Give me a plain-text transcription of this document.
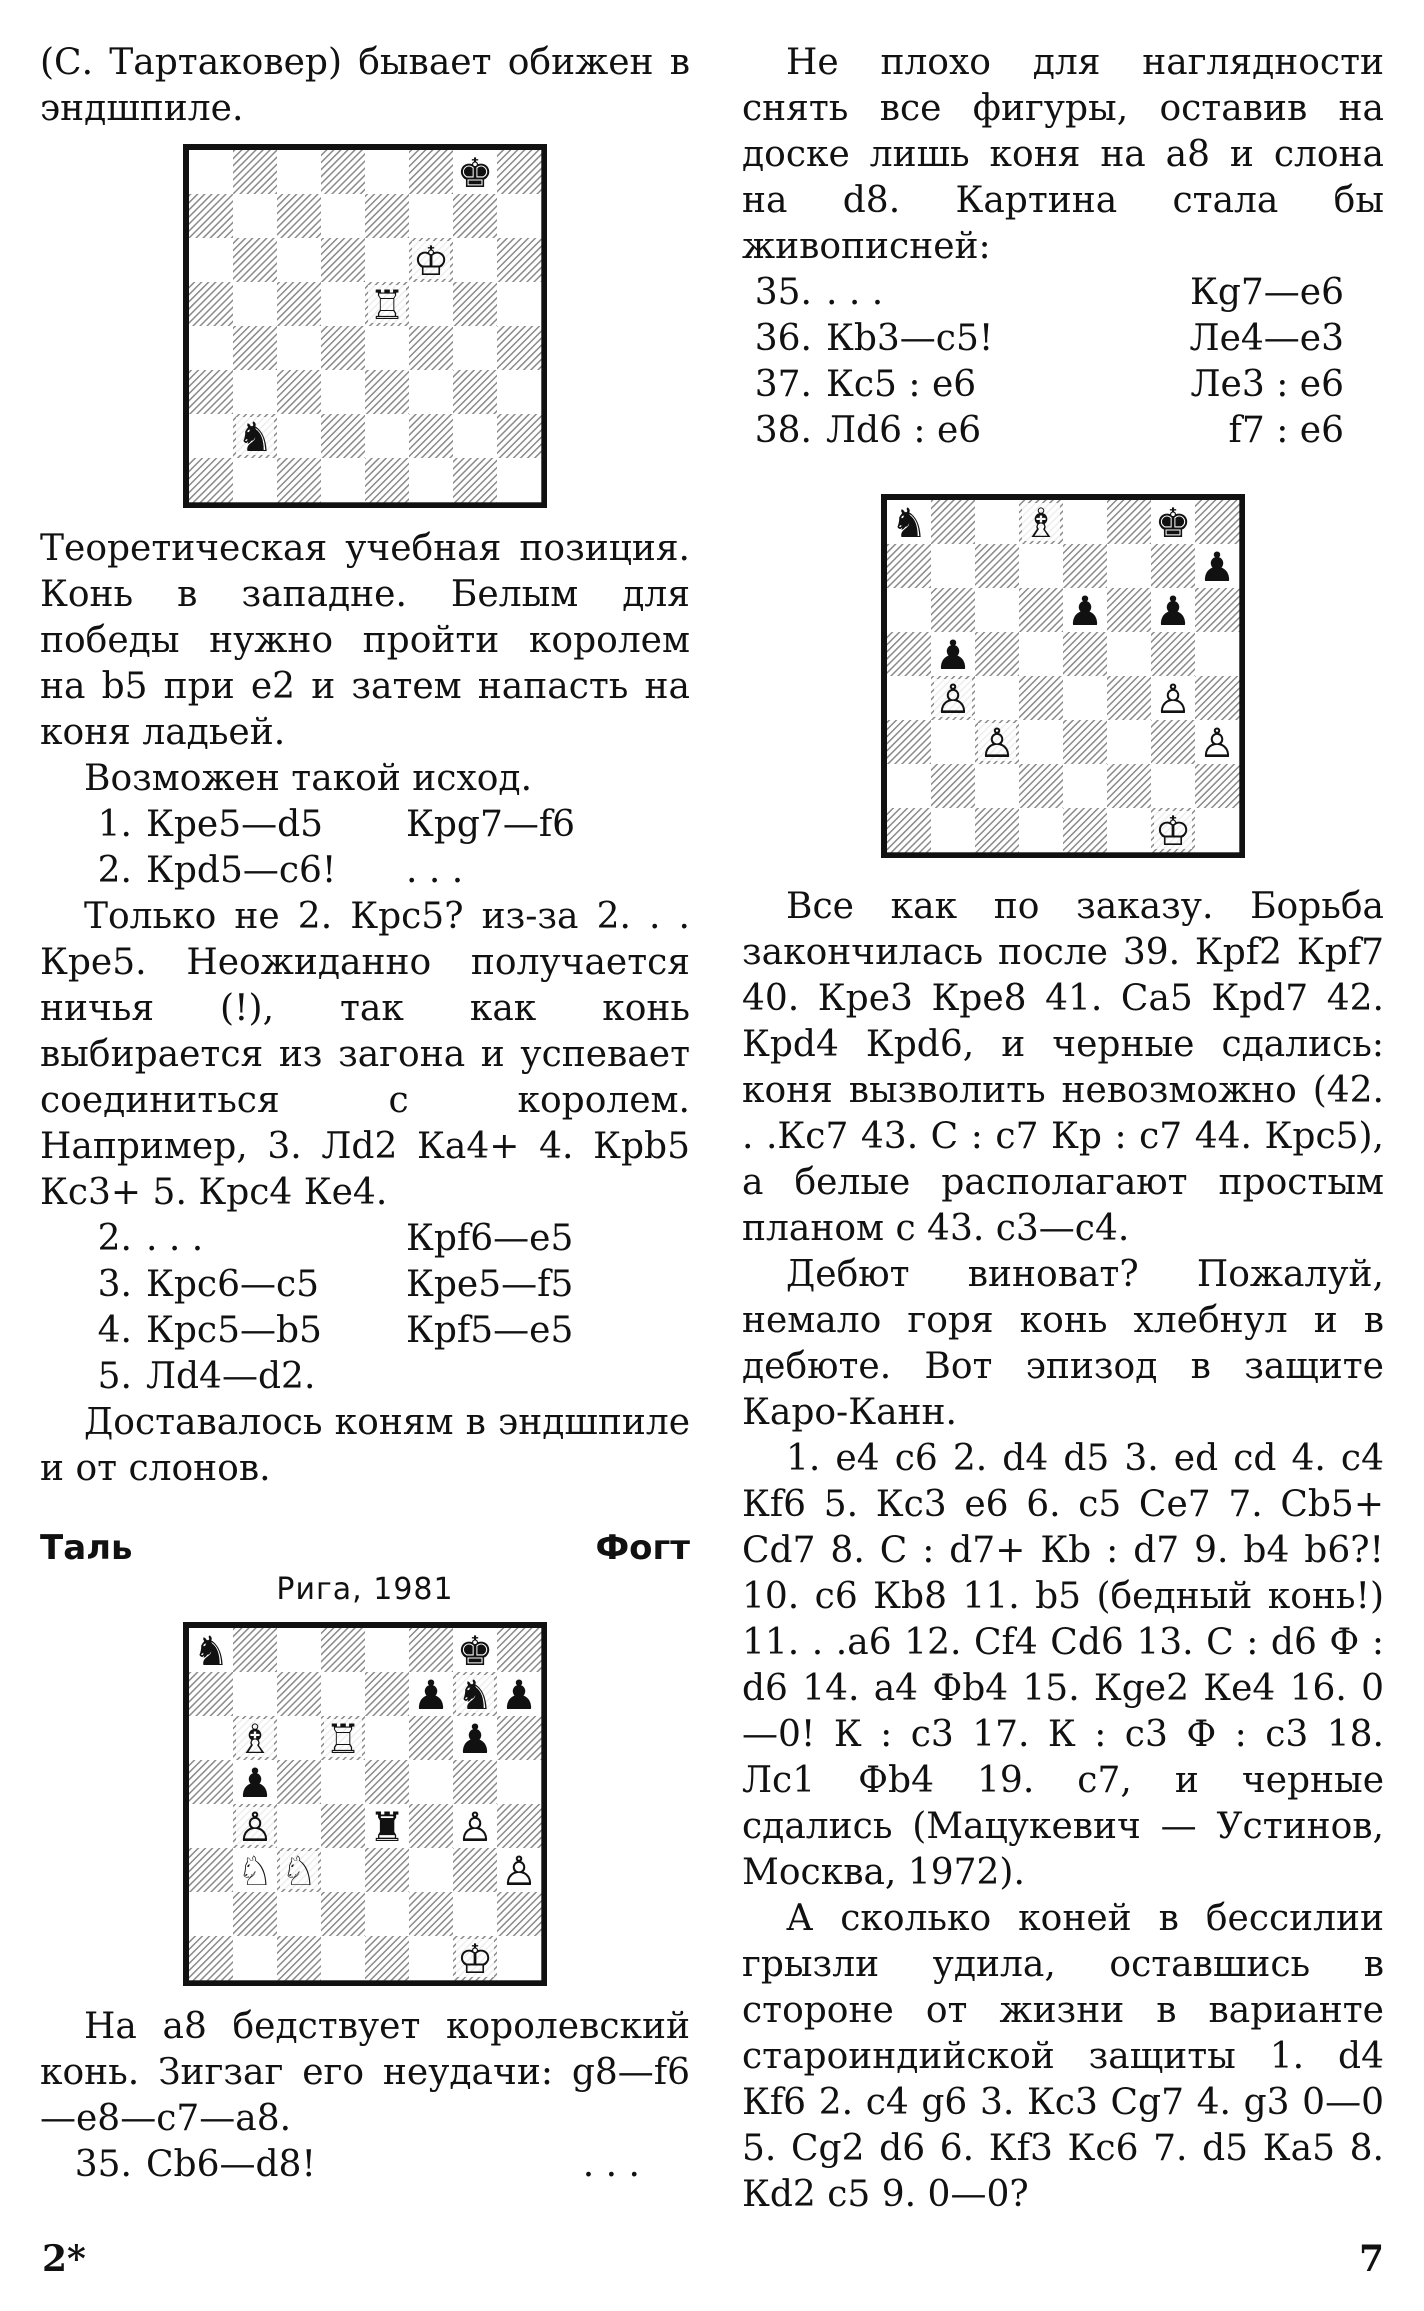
(С. Тартаковер) бывает обижен в эндшпиле.

♚
♔
♖
♞

Теоретическая учебная позиция. Конь в западне. Белым для победы нужно пройти королем на b5 при е2 и затем напасть на коня ладьей.

Возможен такой исход.

1.	Кре5—d5	Крg7—f6
2.	Крd5—c6!	. . .

Только не 2. Крс5? из-за 2. . . Кре5. Неожиданно получается ничья (!), так как конь выбирается из загона и успевает соединиться с королем. Например, 3. Лd2 Ка4+ 4. Крb5 Кс3+ 5. Крс4 Ке4.

2.	. . .	Крf6—e5
3.	Крс6—c5	Кре5—f5
4.	Крс5—b5	Крf5—e5
5.	Лd4—d2.	

Доставалось коням в эндшпиле и от слонов.

Таль	Фогт
Рига, 1981
♞	♚
♟ ♞ ♟
♗ ♖ ♟
♟
♙ ♜ ♙
♘ ♘	♙
♔

На а8 бедствует королевский конь. Зигзаг его неудачи: g8—f6—e8—c7—a8.

35.	Сb6—d8!	. . .

Не плохо для наглядности снять все фигуры, оставив на доске лишь коня на а8 и слона на d8. Картина стала бы живописней:

35.	. . .	Кg7—e6
36.	Кb3—c5!	Ле4—e3
37.	Кс5 : e6	Ле3 : e6
38.	Лd6 : e6	f7 : e6
♞ ♗ ♚
♟
♟ ♟
♟
♙	♙
♙	♙
♔

Все как по заказу. Борьба закончилась после 39. Крf2 Крf7 40. Кре3 Кре8 41. Са5 Крd7 42. Крd4 Крd6, и черные сдались: коня вызволить невозможно (42. . .Кс7 43. С : с7 Кр : с7 44. Крс5), а белые располагают простым планом с 43. с3—с4.

Дебют виноват? Пожалуй, немало горя конь хлебнул и в дебюте. Вот эпизод в защите Каро-Канн.

1. е4 с6 2. d4 d5 3. ed cd 4. c4 Кf6 5. Кс3 е6 6. c5 Се7 7. Сb5+ Сd7 8. С : d7+ Кb : d7 9. b4 b6?! 10. c6 Кb8 11. b5 (бедный конь!) 11. . .а6 12. Сf4 Сd6 13. С : d6 Ф : d6 14. а4 Фb4 15. Кge2 Ке4 16. 0—0! К : с3 17. К : с3 Ф : с3 18. Лс1 Фb4 19. с7, и черные сдались (Мацукевич — Устинов, Москва, 1972).

А сколько коней в бессилии грызли удила, оставшись в стороне от жизни в варианте староиндийской защиты 1. d4 Кf6 2. с4 g6 3. Кс3 Сg7 4. g3 0—0 5. Сg2 d6 6. Кf3 Кс6 7. d5 Ка5 8. Кd2 с5 9. 0—0?

2*	7
